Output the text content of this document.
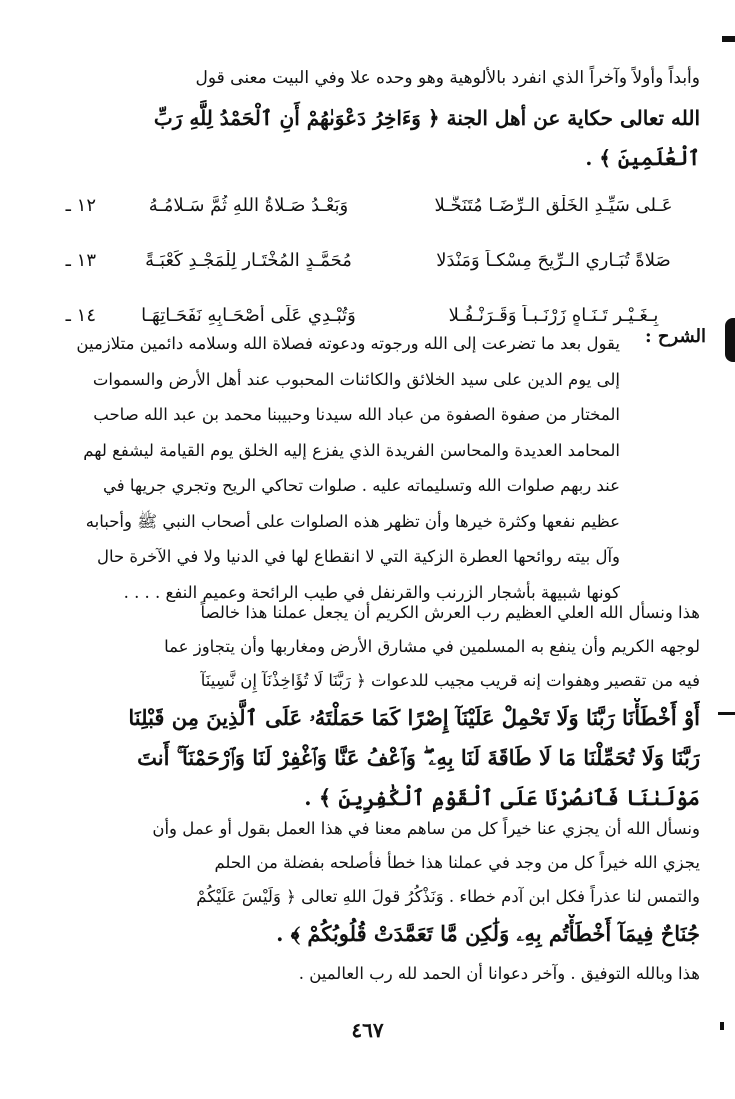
وأبداً وأولاً وآخراً الذي انفرد بالألوهية وهو وحده علا وفي البيت معنى قول
الله تعالى حكاية عن أهل الجنة ﴿ وَءَاخِرُ دَعْوَىٰهُمْ أَنِ ٱلْحَمْدُ لِلَّهِ رَبِّ
ٱلْعَٰلَمِينَ ﴾ .
١٢ ـ	وَبَعْـدُ صَـلاةُ اللهِ ثُمَّ سَـلامُـهُ	عَـلى سَيِّـدِ الخَلْقِ الـرِّضَـا مُتَنَخَّـلا
١٣ ـ	مُحَمَّـدٍ المُخْتَـارِ لِلْمَجْـدِ كَعْبَـةً	صَلاةً تُبَـارِي الـرِّيحَ مِسْكـاً وَمَنْدَلا
١٤ ـ	وَتُبْـدِي عَلَى أَصْحَـابِهِ نَفَحَـاتِهَـا	بِـغَـيْـرِ تَـنَـاهٍ زَرْنَـبـاً وَقَـرَنْـفُـلا
الشرح :
يقول بعد ما تضرعت إلى الله ورجوته ودعوته فصلاة الله وسلامه دائمين متلازمين
إلى يوم الدين على سيد الخلائق والكائنات المحبوب عند أهل الأرض والسموات
المختار من صفوة الصفوة من عباد الله سيدنا وحبيبنا محمد بن عبد الله صاحب
المحامد العديدة والمحاسن الفريدة الذي يفزع إليه الخلق يوم القيامة ليشفع لهم
عند ربهم صلوات الله وتسليماته عليه . صلوات تحاكي الريح وتجري جريها في
عظيم نفعها وكثرة خيرها وأن تظهر هذه الصلوات على أصحاب النبي ﷺ وأحبابه
وآل بيته روائحها العطرة الزكية التي لا انقطاع لها في الدنيا ولا في الآخرة حال
كونها شبيهة بأشجار الزرنب والقرنفل في طيب الرائحة وعميم النفع . . . .
هذا ونسأل الله العلي العظيم رب العرش الكريم أن يجعل عملنا هذا خالصاً
لوجهه الكريم وأن ينفع به المسلمين في مشارق الأرض ومغاربها وأن يتجاوز عما
فيه من تقصير وهفوات إنه قريب مجيب للدعوات ﴿ رَبَّنَا لَا تُؤَاخِذْنَآ إِن نَّسِينَآ
أَوْ أَخْطَأْنَا رَبَّنَا وَلَا تَحْمِلْ عَلَيْنَآ إِصْرًا كَمَا حَمَلْتَهُۥ عَلَى ٱلَّذِينَ مِن قَبْلِنَا
رَبَّنَا وَلَا تُحَمِّلْنَا مَا لَا طَاقَةَ لَنَا بِهِۦ ۖ وَٱعْفُ عَنَّا وَٱغْفِرْ لَنَا وَٱرْحَمْنَآ ۚ أَنتَ
مَوْلَىٰنَا فَٱنصُرْنَا عَلَى ٱلْقَوْمِ ٱلْكَٰفِرِينَ ﴾ .
ونسأل الله أن يجزي عنا خيراً كل من ساهم معنا في هذا العمل بقول أو عمل وأن
يجزي الله خيراً كل من وجد في عملنا هذا خطأ فأصلحه بفضلة من الحلم
والتمس لنا عذراً فكل ابن آدم خطاء . وَنَذْكُرُ قولَ اللهِ تعالى ﴿ وَلَيْسَ عَلَيْكُمْ
جُنَاحٌ فِيمَآ أَخْطَأْتُم بِهِۦ وَلَٰكِن مَّا تَعَمَّدَتْ قُلُوبُكُمْ ﴾ .
هذا وبالله التوفيق . وآخر دعوانا أن الحمد لله رب العالمين .
٤٦٧
